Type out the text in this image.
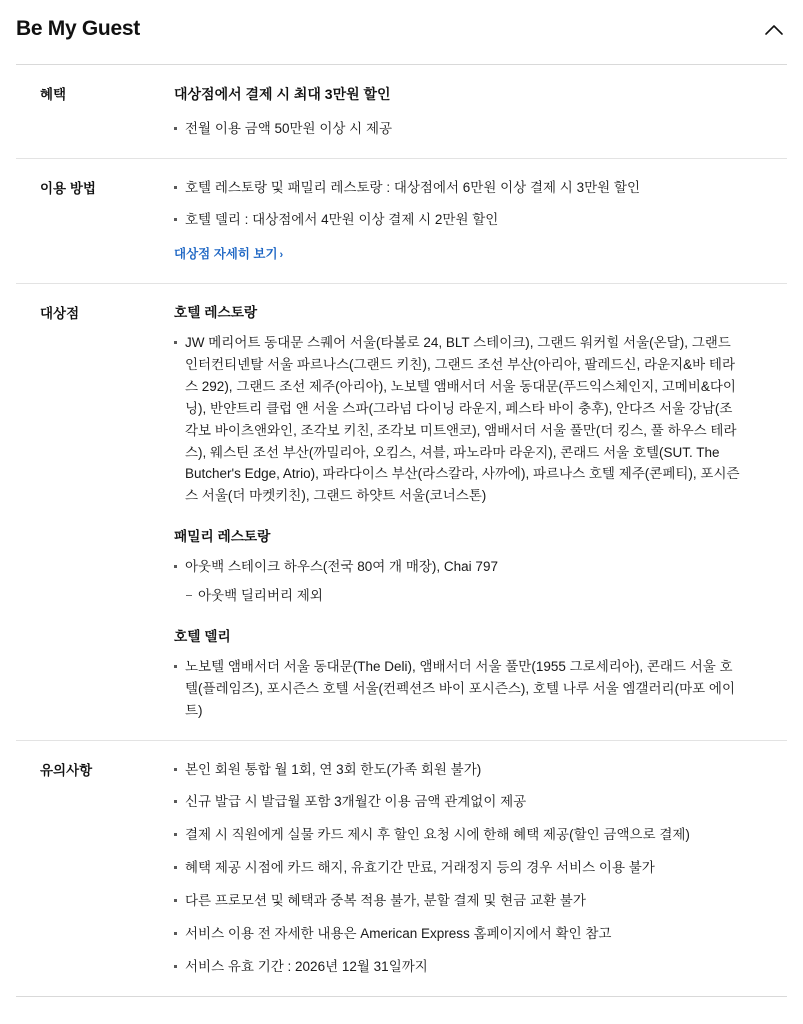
Be My Guest
혜택	대상점에서 결제 시 최대 3만원 할인
전월 이용 금액 50만원 이상 시 제공
이용 방법	호텔 레스토랑 및 패밀리 레스토랑 : 대상점에서 6만원 이상 결제 시 3만원 할인
호텔 델리 : 대상점에서 4만원 이상 결제 시 2만원 할인
대상점 자세히 보기 ›
대상점	호텔 레스토랑
JW 메리어트 동대문 스퀘어 서울(타볼로 24, BLT 스테이크), 그랜드 워커힐 서울(온달), 그랜드 인터컨티넨탈 서울 파르나스(그랜드 키친), 그랜드 조선 부산(아리아, 팔레드신, 라운지&바 테라스 292), 그랜드 조선 제주(아리아), 노보텔 앰배서더 서울 동대문(푸드익스체인지, 고메비&다이닝), 반얀트리 클럽 앤 서울 스파(그라넘 다이닝 라운지, 페스타 바이 충후), 안다즈 서울 강남(조각보 바이츠앤와인, 조각보 키친, 조각보 미트앤코), 앰배서더 서울 풀만(더 킹스, 풀 하우스 테라스), 웨스틴 조선 부산(까밀리아, 오킴스, 셔블, 파노라마 라운지), 콘래드 서울 호텔(SUT. The Butcher's Edge, Atrio), 파라다이스 부산(라스칼라, 사까에), 파르나스 호텔 제주(콘페티), 포시즌스 서울(더 마켓키친), 그랜드 하얏트 서울(코너스톤)
패밀리 레스토랑
아웃백 스테이크 하우스(전국 80여 개 매장), Chai 797
아웃백 딜리버리 제외
호텔 델리
노보텔 앰배서더 서울 동대문(The Deli), 앰배서더 서울 풀만(1955 그로세리아), 콘래드 서울 호텔(플레임즈), 포시즌스 호텔 서울(컨펙션즈 바이 포시즌스), 호텔 나루 서울 엠갤러리(마포 에이트)
유의사항	본인 회원 통합 월 1회, 연 3회 한도(가족 회원 불가)
신규 발급 시 발급월 포함 3개월간 이용 금액 관계없이 제공
결제 시 직원에게 실물 카드 제시 후 할인 요청 시에 한해 혜택 제공(할인 금액으로 결제)
혜택 제공 시점에 카드 해지, 유효기간 만료, 거래정지 등의 경우 서비스 이용 불가
다른 프로모션 및 혜택과 중복 적용 불가, 분할 결제 및 현금 교환 불가
서비스 이용 전 자세한 내용은 American Express 홈페이지에서 확인 참고
서비스 유효 기간 : 2026년 12월 31일까지
